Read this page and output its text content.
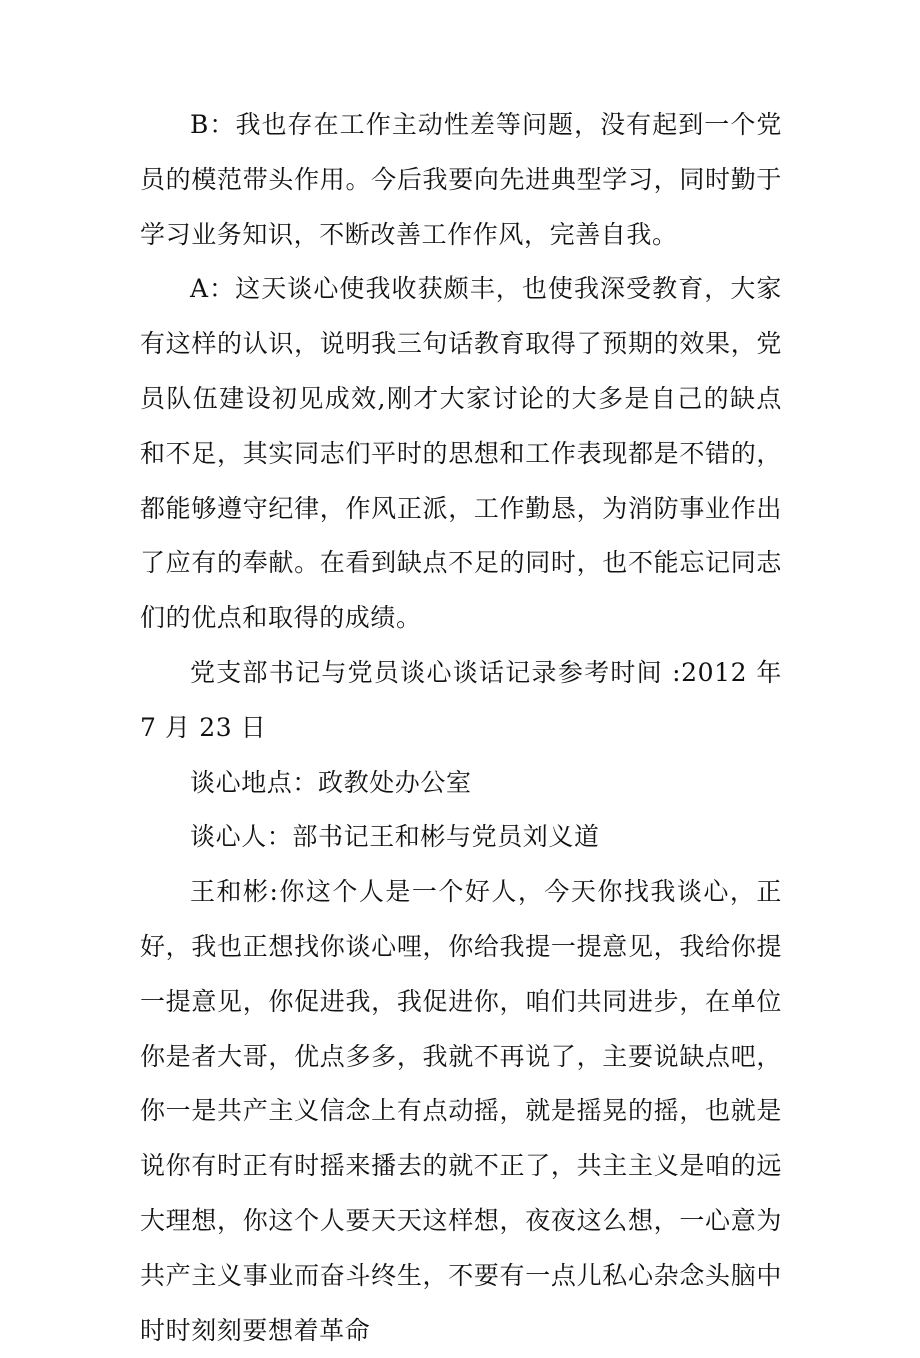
B：我也存在工作主动性差等问题，没有起到一个党员的模范带头作用。今后我要向先进典型学习，同时勤于学习业务知识，不断改善工作作风，完善自我。

A：这天谈心使我收获颇丰，也使我深受教育，大家有这样的认识，说明我三句话教育取得了预期的效果，党员队伍建设初见成效,刚才大家讨论的大多是自己的缺点和不足，其实同志们平时的思想和工作表现都是不错的，都能够遵守纪律，作风正派，工作勤恳，为消防事业作出了应有的奉献。在看到缺点不足的同时，也不能忘记同志们的优点和取得的成绩。

党支部书记与党员谈心谈话记录参考时间 :2012 年 7 月 23 日

谈心地点：政教处办公室

谈心人：部书记王和彬与党员刘义道

王和彬:你这个人是一个好人，今天你找我谈心，正好，我也正想找你谈心哩，你给我提一提意见，我给你提一提意见，你促进我，我促进你，咱们共同进步，在单位你是者大哥，优点多多，我就不再说了，主要说缺点吧，你一是共产主义信念上有点动摇，就是摇晃的摇，也就是说你有时正有时摇来播去的就不正了，共主主义是咱的远大理想，你这个人要天天这样想，夜夜这么想，一心意为共产主义事业而奋斗终生，不要有一点儿私心杂念头脑中时时刻刻要想着革命
